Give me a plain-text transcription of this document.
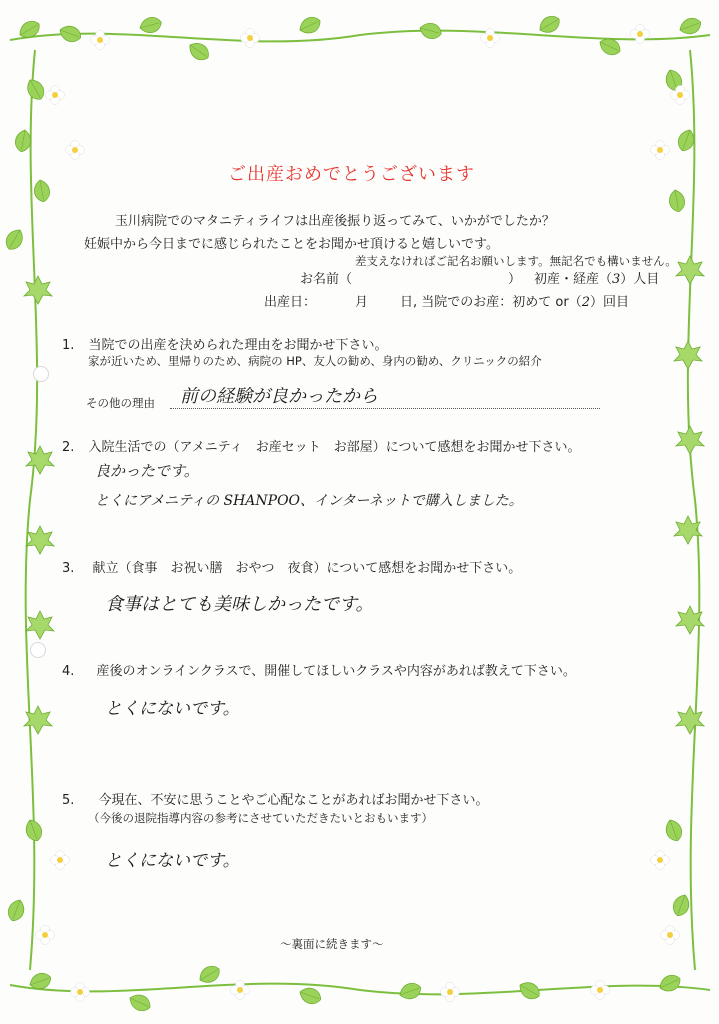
ご出産おめでとうございます
玉川病院でのマタニティライフは出産後振り返ってみて、いかがでしたか？
妊娠中から今日までに感じられたことをお聞かせ頂けると嬉しいです。
差支えなければご記名お願いします。無記名でも構いません。
お名前（	） 初産・経産（3）人目
出産日：	月 日, 当院でのお産：初めて or（2）回目
1. 当院での出産を決められた理由をお聞かせ下さい。
家が近いため、里帰りのため、病院の HP、友人の勧め、身内の勧め、クリニックの紹介
その他の理由 前の経験が良かったから
2. 入院生活での（アメニティ　お産セット　お部屋）について感想をお聞かせ下さい。
良かったです。
とくにアメニティの SHANPOO、インターネットで購入しました。
3. 献立（食事　お祝い膳　おやつ　夜食）について感想をお聞かせ下さい。
食事はとても美味しかったです。
4. 産後のオンラインクラスで、開催してほしいクラスや内容があれば教えて下さい。
とくにないです。
5. 今現在、不安に思うことやご心配なことがあればお聞かせ下さい。
（今後の退院指導内容の参考にさせていただきたいとおもいます）
とくにないです。
～裏面に続きます～
